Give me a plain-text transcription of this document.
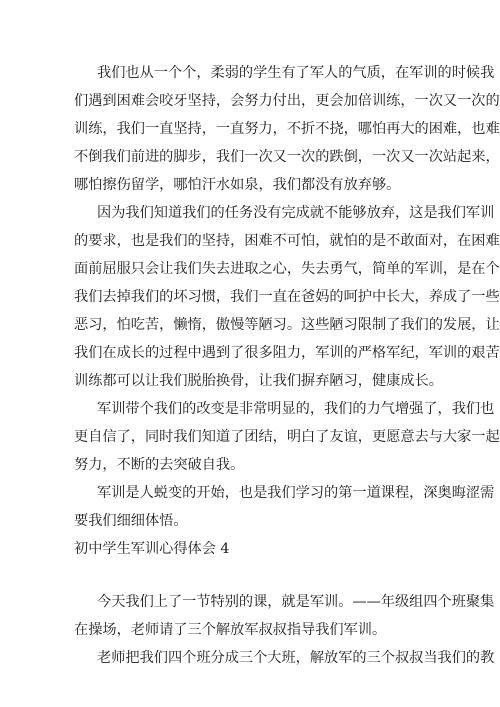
我们也从一个个，柔弱的学生有了军人的气质，在军训的时候我
们遇到困难会咬牙坚持，会努力付出，更会加倍训练，一次又一次的
训练，我们一直坚持，一直努力，不折不挠，哪怕再大的困难，也难
不倒我们前进的脚步，我们一次又一次的跌倒，一次又一次站起来，
哪怕擦伤留学，哪怕汗水如泉，我们都没有放弃够。
因为我们知道我们的任务没有完成就不能够放弃，这是我们军训
的要求，也是我们的坚持，困难不可怕，就怕的是不敢面对，在困难
面前屈服只会让我们失去进取之心，失去勇气，简单的军训，是在个
我们去掉我们的坏习惯，我们一直在爸妈的呵护中长大，养成了一些
恶习，怕吃苦，懒惰，傲慢等陋习。这些陋习限制了我们的发展，让
我们在成长的过程中遇到了很多阻力，军训的严格军纪，军训的艰苦
训练都可以让我们脱胎换骨，让我们摒弃陋习，健康成长。
军训带个我们的改变是非常明显的，我们的力气增强了，我们也
更自信了，同时我们知道了团结，明白了友谊，更愿意去与大家一起
努力，不断的去突破自我。
军训是人蜕变的开始，也是我们学习的第一道课程，深奥晦涩需
要我们细细体悟。
初中学生军训心得体会 4
今天我们上了一节特别的课，就是军训。——年级组四个班聚集
在操场，老师请了三个解放军叔叔指导我们军训。
老师把我们四个班分成三个大班，解放军的三个叔叔当我们的教
